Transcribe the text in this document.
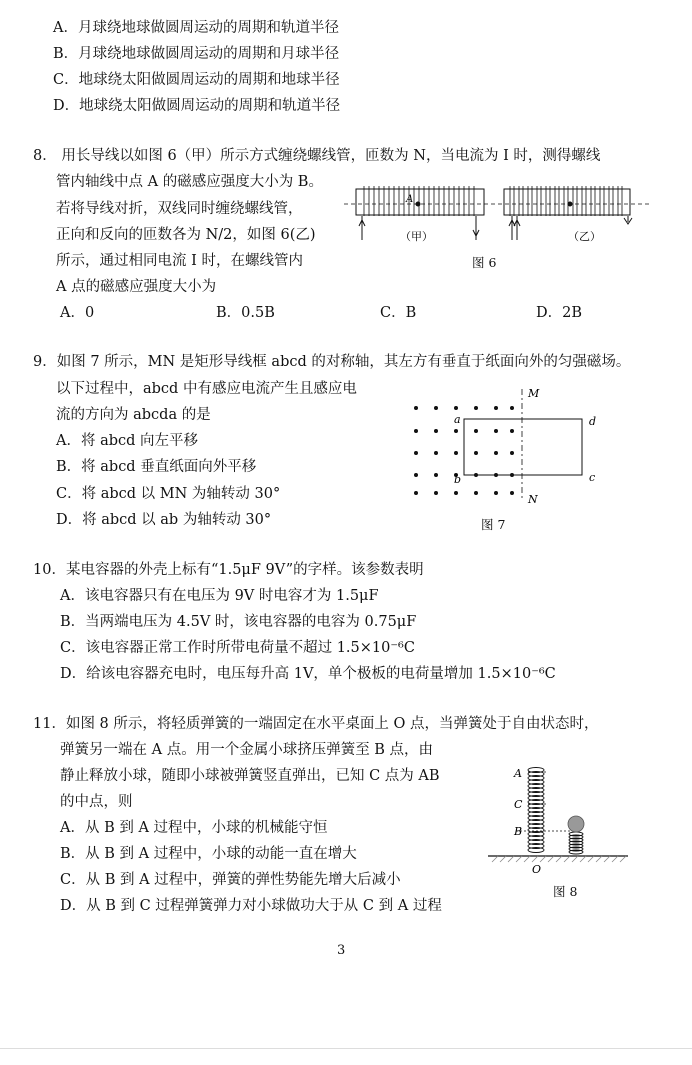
A．月球绕地球做圆周运动的周期和轨道半径
B．月球绕地球做圆周运动的周期和月球半径
C．地球绕太阳做圆周运动的周期和地球半径
D．地球绕太阳做圆周运动的周期和轨道半径
8． 用长导线以如图 6（甲）所示方式缠绕螺线管，匝数为 N，当电流为 I 时，测得螺线
管内轴线中点 A 的磁感应强度大小为 B。
若将导线对折，双线同时缠绕螺线管，
正向和反向的匝数各为 N/2，如图 6(乙)
所示，通过相同电流 I 时，在螺线管内
A 点的磁感应强度大小为
A．0	B．0.5B	C．B	D．2B
A
（甲）	（乙）
图 6
9．如图 7 所示，MN 是矩形导线框 abcd 的对称轴，其左方有垂直于纸面向外的匀强磁场。
以下过程中，abcd 中有感应电流产生且感应电
流的方向为 abcda 的是
A．将 abcd 向左平移
B．将 abcd 垂直纸面向外平移
C．将 abcd 以 MN 为轴转动 30°
D．将 abcd 以 ab 为轴转动 30°
M
N
a
b	c
d
图 7
10．某电容器的外壳上标有“1.5μF 9V”的字样。该参数表明
A．该电容器只有在电压为 9V 时电容才为 1.5μF
B．当两端电压为 4.5V 时，该电容器的电容为 0.75μF
C．该电容器正常工作时所带电荷量不超过 1.5×10⁻⁶C
D．给该电容器充电时，电压每升高 1V，单个极板的电荷量增加 1.5×10⁻⁶C
11．如图 8 所示，将轻质弹簧的一端固定在水平桌面上 O 点，当弹簧处于自由状态时，
弹簧另一端在 A 点。用一个金属小球挤压弹簧至 B 点，由
静止释放小球，随即小球被弹簧竖直弹出，已知 C 点为 AB
的中点，则
A．从 B 到 A 过程中，小球的机械能守恒
B．从 B 到 A 过程中，小球的动能一直在增大
C．从 B 到 A 过程中，弹簧的弹性势能先增大后减小
D．从 B 到 C 过程弹簧弹力对小球做功大于从 C 到 A 过程
A
C
B
O
图 8
3
